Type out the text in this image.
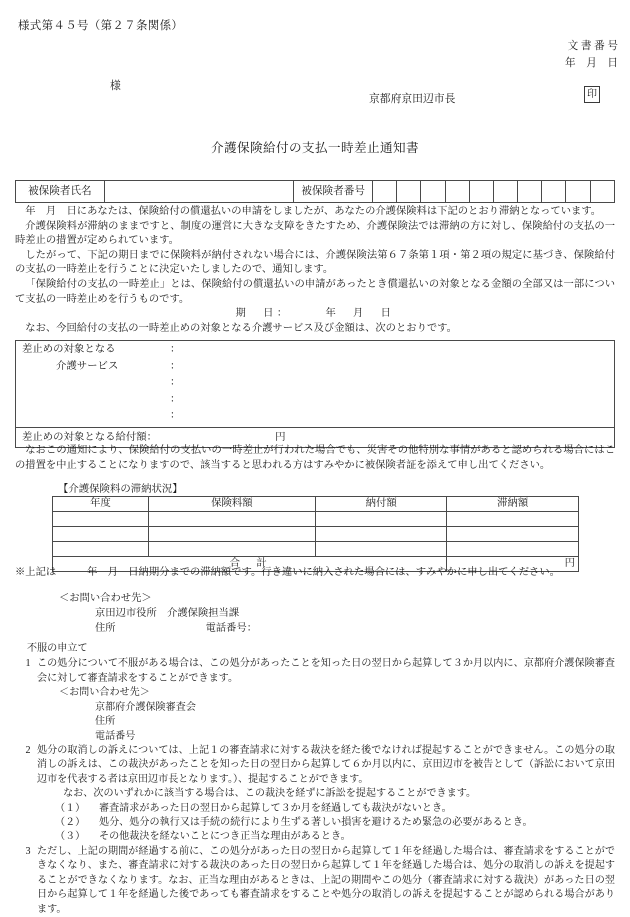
様式第４５号（第２７条関係）
文 書 番 号
年　月　日
様
京都府京田辺市長	印
介護保険給付の支払一時差止通知書
被保険者氏名		被保険者番号										

年　月　日にあなたは、保険給付の償還払いの申請をしましたが、あなたの介護保険料は下記のとおり滞納となっています。

介護保険料が滞納のままですと、制度の運営に大きな支障をきたすため、介護保険法では滞納の方に対し、保険給付の支払の一時差止の措置が定められています。

したがって、下記の期日までに保険料が納付されない場合には、介護保険法第６７条第１項・第２項の規定に基づき、保険給付の支払の一時差止を行うことに決定いたしましたので、通知します。

「保険給付の支払の一時差止」とは、保険給付の償還払いの申請があったとき償還払いの対象となる金額の全部又は一部について支払の一時差止めを行うものです。

期　日：	年　月　日

なお、今回給付の支払の一時差止めの対象となる介護サービス及び金額は、次のとおりです。

差止めの対象となる	：
介護サービス	：
：
：
：

差止めの対象となる給付額：	円

なおこの通知により、保険給付の支払いの一時差止が行われた場合でも、災害その他特別な事情があると認められる場合にはこの措置を中止することになりますので、該当すると思われる方はすみやかに被保険者証を添えて申し出てください。

【介護保険料の滞納状況】
年度	保険料額	納付額	滞納額

合　計			円

※上記は　　　年　月　日納期分までの滞納額です。行き違いに納入された場合には、すみやかに申し出てください。

＜お問い合わせ先＞
京田辺市役所　介護保険担当課
住所	電話番号：
不服の申立て
1 この処分について不服がある場合は、この処分があったことを知った日の翌日から起算して３か月以内に、京都府介護保険審査会に対して審査請求をすることができます。
＜お問い合わせ先＞
京都府介護保険審査会
住所
電話番号
2 処分の取消しの訴えについては、上記１の審査請求に対する裁決を経た後でなければ提起することができません。この処分の取消しの訴えは、この裁決があったことを知った日の翌日から起算して６か月以内に、京田辺市を被告として（訴訟において京田辺市を代表する者は京田辺市長となります。）、提起することができます。
なお、次のいずれかに該当する場合は、この裁決を経ずに訴訟を提起することができます。
（１）	審査請求があった日の翌日から起算して３か月を経過しても裁決がないとき。
（２）	処分、処分の執行又は手続の続行により生ずる著しい損害を避けるため緊急の必要があるとき。
（３）	その他裁決を経ないことにつき正当な理由があるとき。
3 ただし、上記の期間が経過する前に、この処分があった日の翌日から起算して１年を経過した場合は、審査請求をすることができなくなり、また、審査請求に対する裁決のあった日の翌日から起算して１年を経過した場合は、処分の取消しの訴えを提起することができなくなります。なお、正当な理由があるときは、上記の期間やこの処分（審査請求に対する裁決）があった日の翌日から起算して１年を経過した後であっても審査請求をすることや処分の取消しの訴えを提起することが認められる場合があります。
